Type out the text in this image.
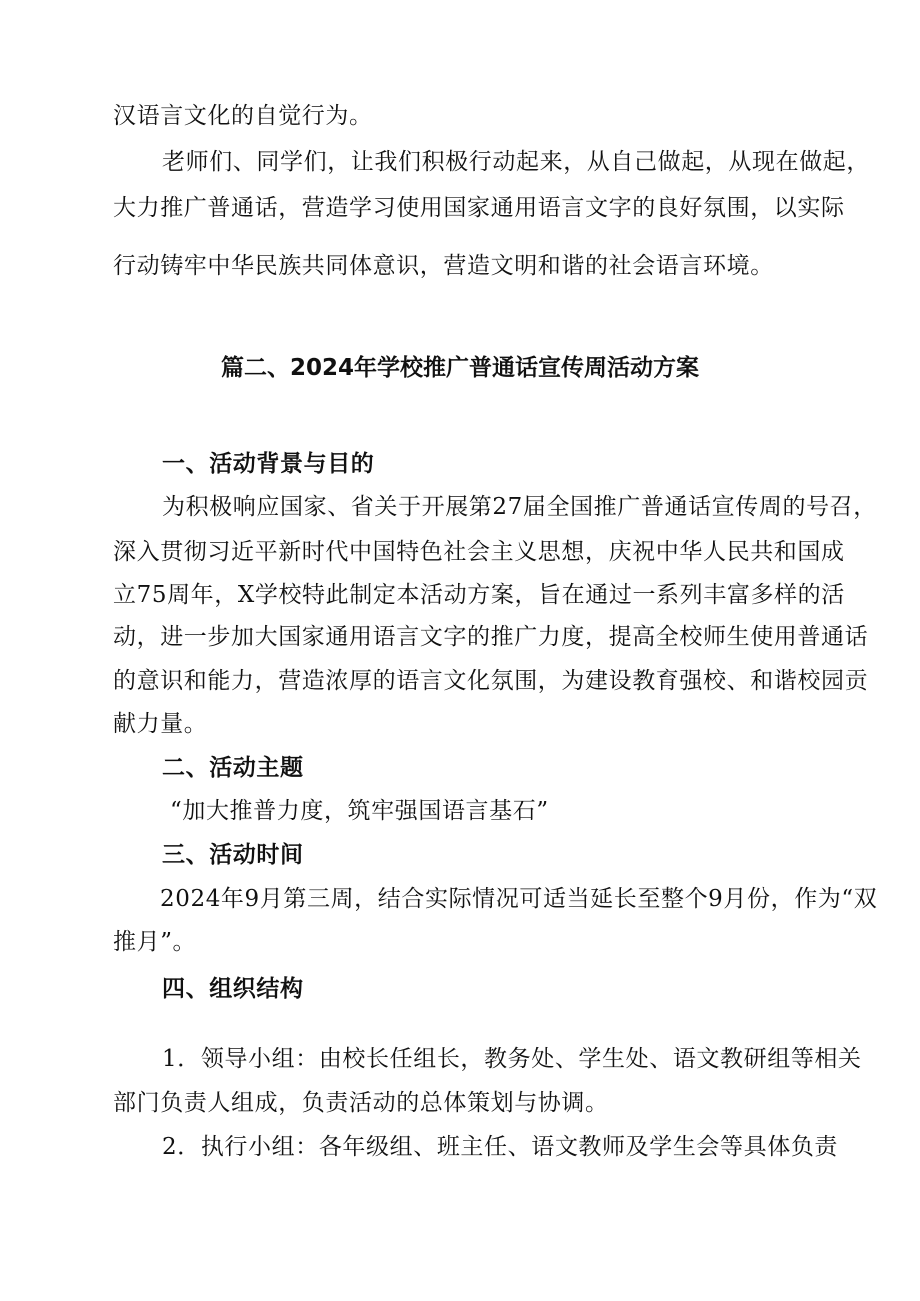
汉语言文化的自觉行为。
老师们、同学们，让我们积极行动起来，从自己做起，从现在做起，
大力推广普通话，营造学习使用国家通用语言文字的良好氛围，以实际
行动铸牢中华民族共同体意识，营造文明和谐的社会语言环境。
篇二、2024年学校推广普通话宣传周活动方案
一、活动背景与目的
为积极响应国家、省关于开展第27届全国推广普通话宣传周的号召，
深入贯彻习近平新时代中国特色社会主义思想，庆祝中华人民共和国成
立75周年，X学校特此制定本活动方案，旨在通过一系列丰富多样的活
动，进一步加大国家通用语言文字的推广力度，提高全校师生使用普通话
的意识和能力，营造浓厚的语言文化氛围，为建设教育强校、和谐校园贡
献力量。
二、活动主题
“加大推普力度，筑牢强国语言基石”
三、活动时间
2024年9月第三周，结合实际情况可适当延长至整个9月份，作为“双
推月”。
四、组织结构
1．领导小组：由校长任组长，教务处、学生处、语文教研组等相关
部门负责人组成，负责活动的总体策划与协调。
2．执行小组：各年级组、班主任、语文教师及学生会等具体负责
